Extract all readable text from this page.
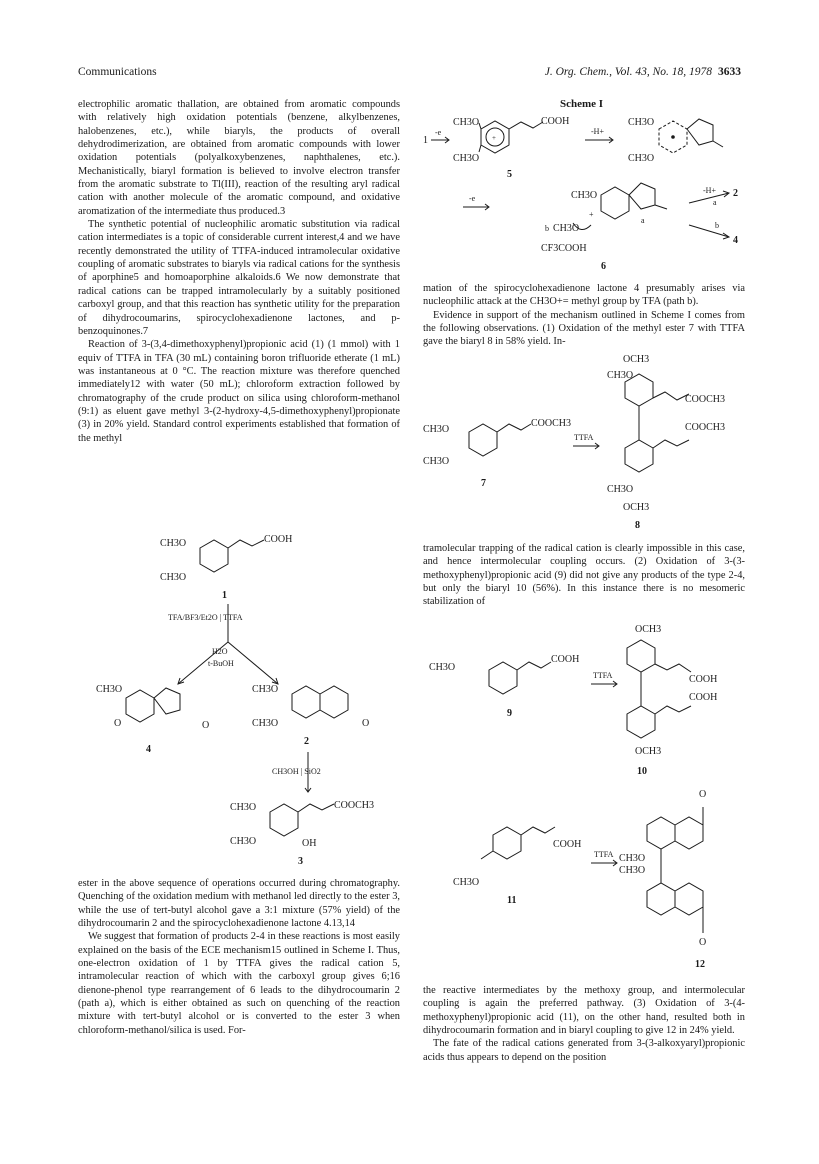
Communications	J. Org. Chem., Vol. 43, No. 18, 1978 3633

electrophilic aromatic thallation, are obtained from aromatic compounds with relatively high oxidation potentials (benzene, alkylbenzenes, halobenzenes, etc.), while biaryls, the products of overall dehydrodimerization, are obtained from aromatic compounds with lower oxidation potentials (polyalkoxybenzenes, naphthalenes, etc.). Mechanistically, biaryl formation is believed to involve electron transfer from the aromatic substrate to Tl(III), reaction of the resulting aryl radical cation with another molecule of the aromatic compound, and oxidative aromatization of the intermediate thus produced.3

The synthetic potential of nucleophilic aromatic substitution via radical cation intermediates is a topic of considerable current interest,4 and we have recently demonstrated the utility of TTFA-induced intramolecular oxidative coupling of aromatic substrates to biaryls via radical cations for the synthesis of aporphine5 and homoaporphine alkaloids.6 We now demonstrate that radical cations can be trapped intramolecularly by a suitably positioned carboxyl group, and that this reaction has synthetic utility for the preparation of dihydrocoumarins, spirocyclohexadienone lactones, and p-benzoquinones.7

Reaction of 3-(3,4-dimethoxyphenyl)propionic acid (1) (1 mmol) with 1 equiv of TTFA in TFA (30 mL) containing boron trifluoride etherate (1 mL) was instantaneous at 0 °C. The reaction mixture was therefore quenched immediately12 with water (50 mL); chloroform extraction followed by chromatography of the crude product on silica using chloroform-methanol (9:1) as eluent gave methyl 3-(2-hydroxy-4,5-dimethoxyphenyl)propionate (3) in 20% yield. Standard control experiments established that formation of the methyl

ester in the above sequence of operations occurred during chromatography. Quenching of the oxidation medium with methanol led directly to the ester 3, while the use of tert-butyl alcohol gave a 3:1 mixture (57% yield) of the dihydrocoumarin 2 and the spirocyclohexadienone lactone 4.13,14

We suggest that formation of products 2-4 in these reactions is most easily explained on the basis of the ECE mechanism15 outlined in Scheme I. Thus, one-electron oxidation of 1 by TTFA gives the radical cation 5, intramolecular reaction of which with the carboxyl group gives 6;16 dienone-phenol type rearrangement of 6 leads to the dihydrocoumarin 2 (path a), which is either obtained as such on quenching of the reaction mixture with tert-butyl alcohol or is converted to the ester 3 when chloroform-methanol/silica is used. For-

mation of the spirocyclohexadienone lactone 4 presumably arises via nucleophilic attack at the CH3O+= methyl group by TFA (path b).

Evidence in support of the mechanism outlined in Scheme I comes from the following observations. (1) Oxidation of the methyl ester 7 with TTFA gave the biaryl 8 in 58% yield. In-

tramolecular trapping of the radical cation is clearly impossible in this case, and hence intermolecular coupling occurs. (2) Oxidation of 3-(3-methoxyphenyl)propionic acid (9) did not give any products of the type 2-4, but only the biaryl 10 (56%). In this instance there is no mesomeric stabilization of

the reactive intermediates by the methoxy group, and intermolecular coupling is again the preferred pathway. (3) Oxidation of 3-(4-methoxyphenyl)propionic acid (11), on the other hand, resulted both in dihydrocoumarin formation and in biaryl coupling to give 12 in 24% yield.

The fate of the radical cations generated from 3-(3-alkoxyaryl)propionic acids thus appears to depend on the position

Scheme I
1
-e
+
CH3O
CH3O
COOH
5
-H+
CH3O
CH3O
-e	CH3O
a
+
b CH3O
CF3COOH
6
-H+
a
2
b
4
CH3O
CH3O
COOCH3
7
TTFA
OCH3
CH3O
COOCH3
COOCH3
CH3O
OCH3
8
CH3O
COOH
9
TTFA
OCH3
COOH
COOH
OCH3
10
COOH
CH3O
11
TTFA CH3O
CH3O
O
O
12
CH3O
CH3O
COOH
1
TFA/BF3/Et2O | TTFA
H2O
t-BuOH
CH3O
O	O
4
CH3O
CH3O	O
2
CH3OH | SiO2
CH3O
CH3O
COOCH3
OH
3
